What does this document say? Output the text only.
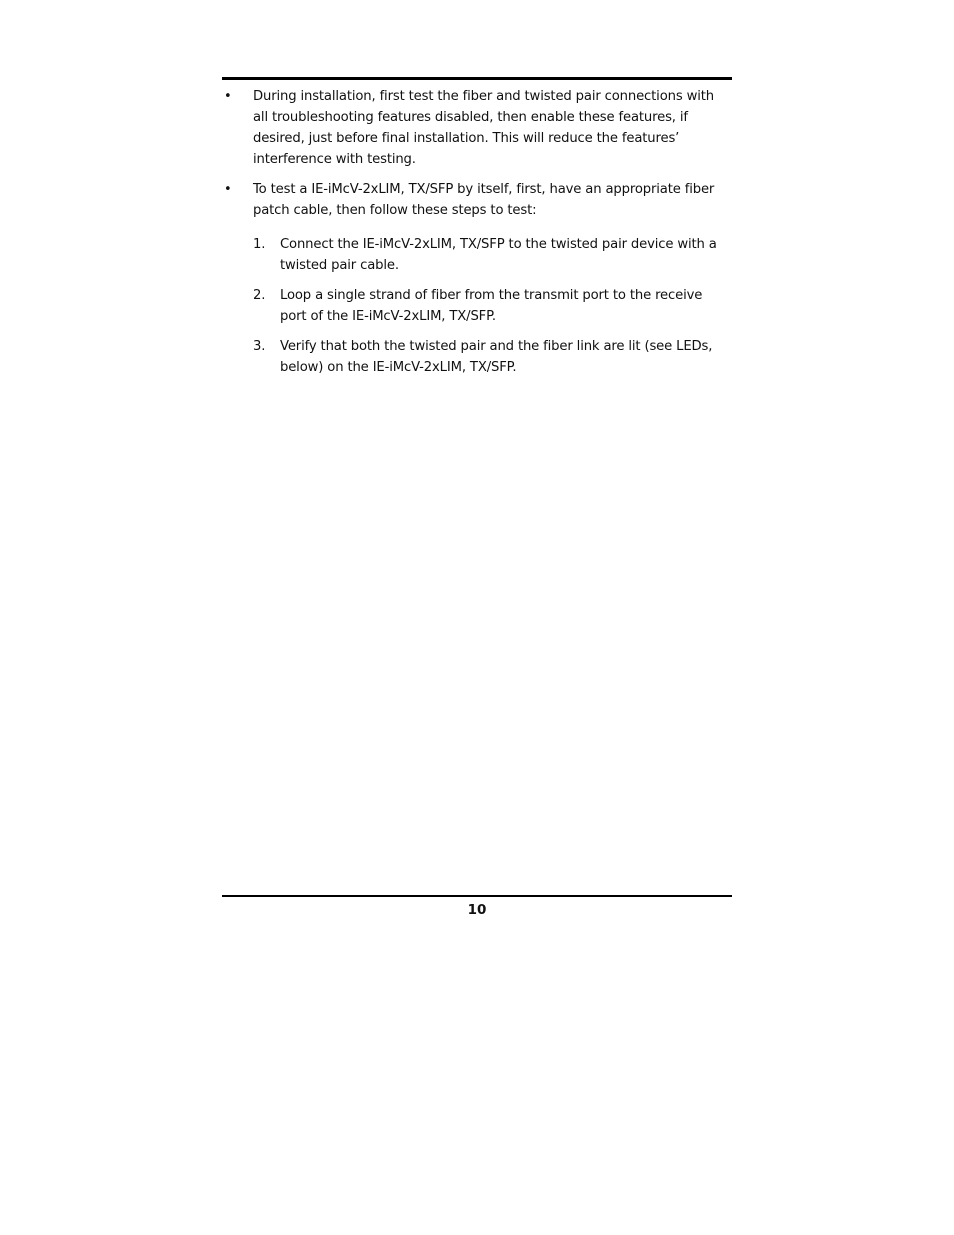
• During installation, first test the fiber and twisted pair connections with all troubleshooting features disabled, then enable these features, if desired, just before final installation. This will reduce the features’ interference with testing.
• To test a IE-iMcV-2xLIM, TX/SFP by itself, first, have an appropriate fiber patch cable, then follow these steps to test:
1. Connect the IE-iMcV-2xLIM, TX/SFP to the twisted pair device with a twisted pair cable.
2. Loop a single strand of fiber from the transmit port to the receive port of the IE-iMcV-2xLIM, TX/SFP.
3. Verify that both the twisted pair and the fiber link are lit (see LEDs, below) on the IE-iMcV-2xLIM, TX/SFP.
10
